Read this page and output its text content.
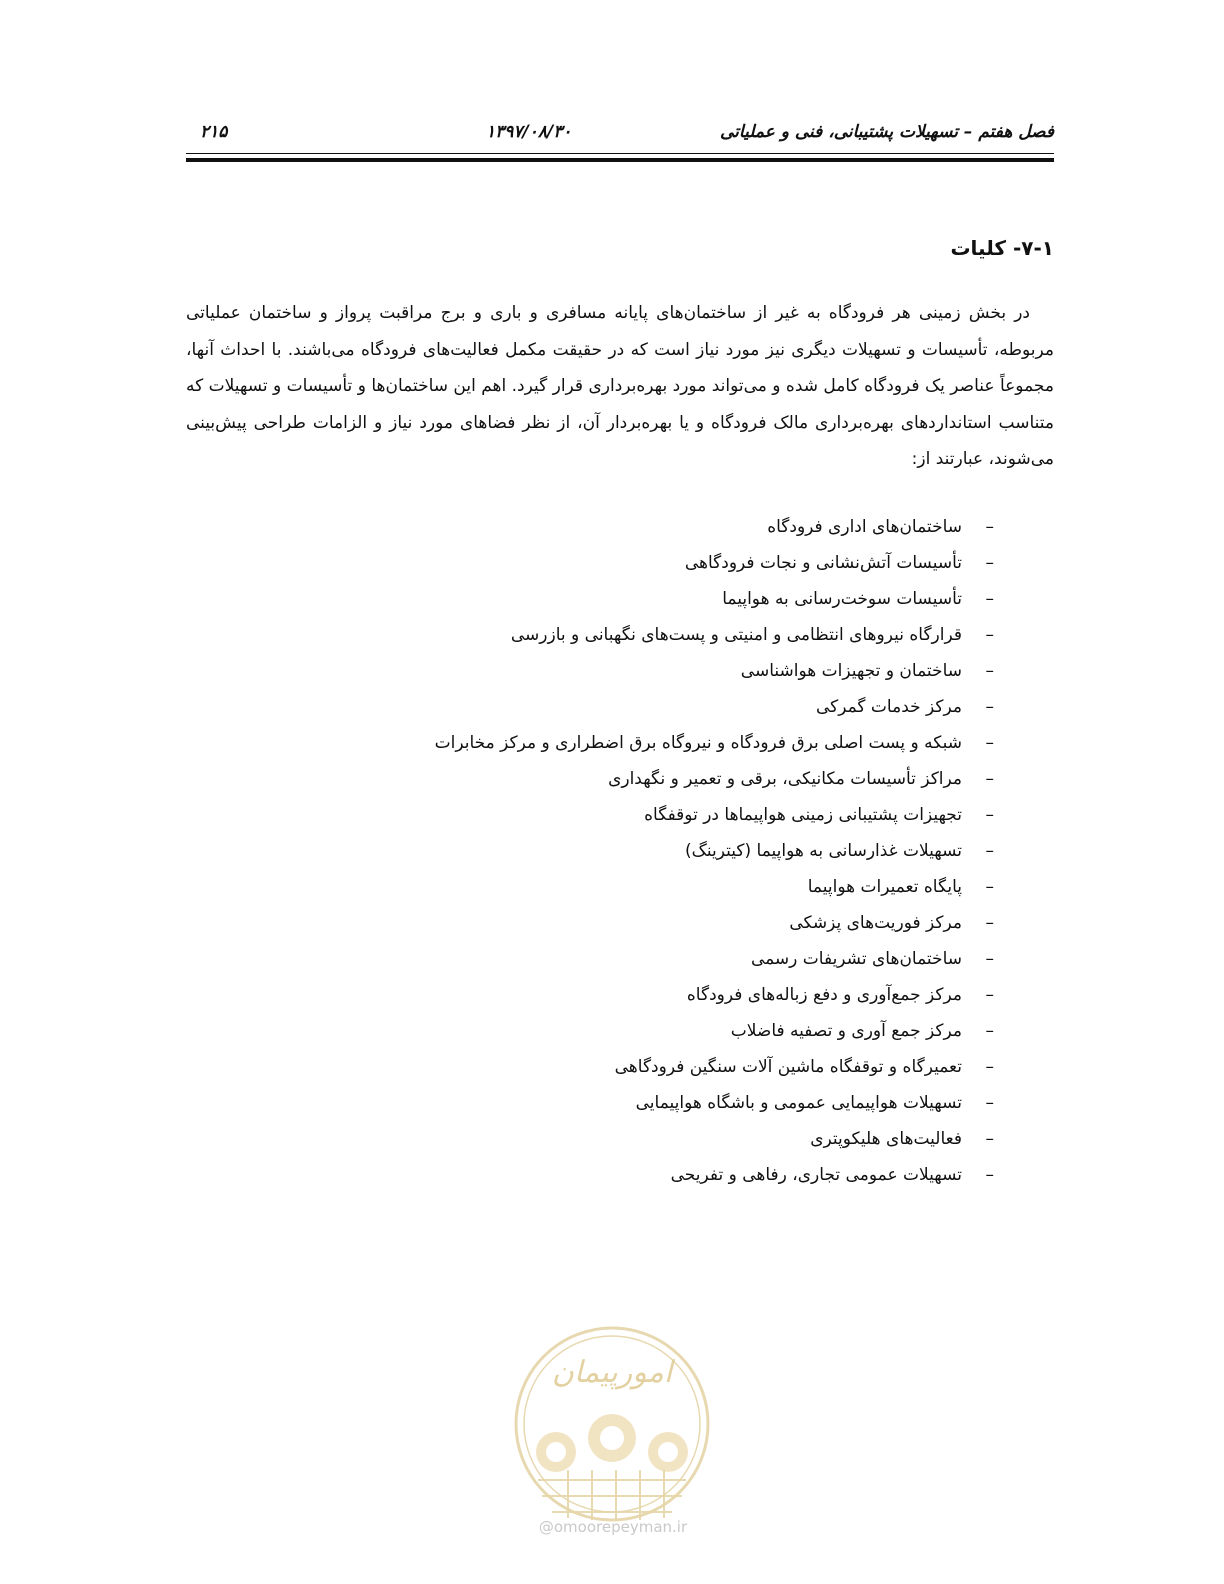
فصل هفتم – تسهیلات پشتیبانی، فنی و عملیاتی
۱۳۹۷/۰۸/۳۰
۲۱۵
۷-۱- کلیات

در بخش زمینی هر فرودگاه به غیر از ساختمان‌های پایانه مسافری و باری و برج مراقبت پرواز و ساختمان عملیاتی مربوطه، تأسیسات و تسهیلات دیگری نیز مورد نیاز است که در حقیقت مکمل فعالیت‌های فرودگاه می‌باشند. با احداث آنها، مجموعاً عناصر یک فرودگاه کامل شده و می‌تواند مورد بهره‌برداری قرار گیرد. اهم این ساختمان‌ها و تأسیسات و تسهیلات که متناسب استانداردهای بهره‌برداری مالک فرودگاه و یا بهره‌بردار آن، از نظر فضاهای مورد نیاز و الزامات طراحی پیش‌بینی می‌شوند، عبارتند از:

–
ساختمان‌های اداری فرودگاه
–
تأسیسات آتش‌نشانی و نجات فرودگاهی
–
تأسیسات سوخت‌رسانی به هواپیما
–
قرارگاه نیروهای انتظامی و امنیتی و پست‌های نگهبانی و بازرسی
–
ساختمان و تجهیزات هواشناسی
–
مرکز خدمات گمرکی
–
شبکه و پست اصلی برق فرودگاه و نیروگاه برق اضطراری و مرکز مخابرات
–
مراکز تأسیسات مکانیکی، برقی و تعمیر و نگهداری
–
تجهیزات پشتیبانی زمینی هواپیماها در توقفگاه
–
تسهیلات غذارسانی به هواپیما (کیترینگ)
–
پایگاه تعمیرات هواپیما
–
مرکز فوریت‌های پزشکی
–
ساختمان‌های تشریفات رسمی
–
مرکز جمع‌آوری و دفع زباله‌های فرودگاه
–
مرکز جمع آوری و تصفیه فاضلاب
–
تعمیرگاه و توقفگاه ماشین آلات سنگین فرودگاهی
–
تسهیلات هواپیمایی عمومی و باشگاه هواپیمایی
–
فعالیت‌های هلیکوپتری
–
تسهیلات عمومی تجاری، رفاهی و تفریحی
امورپیمان
@omoorepeyman.ir
